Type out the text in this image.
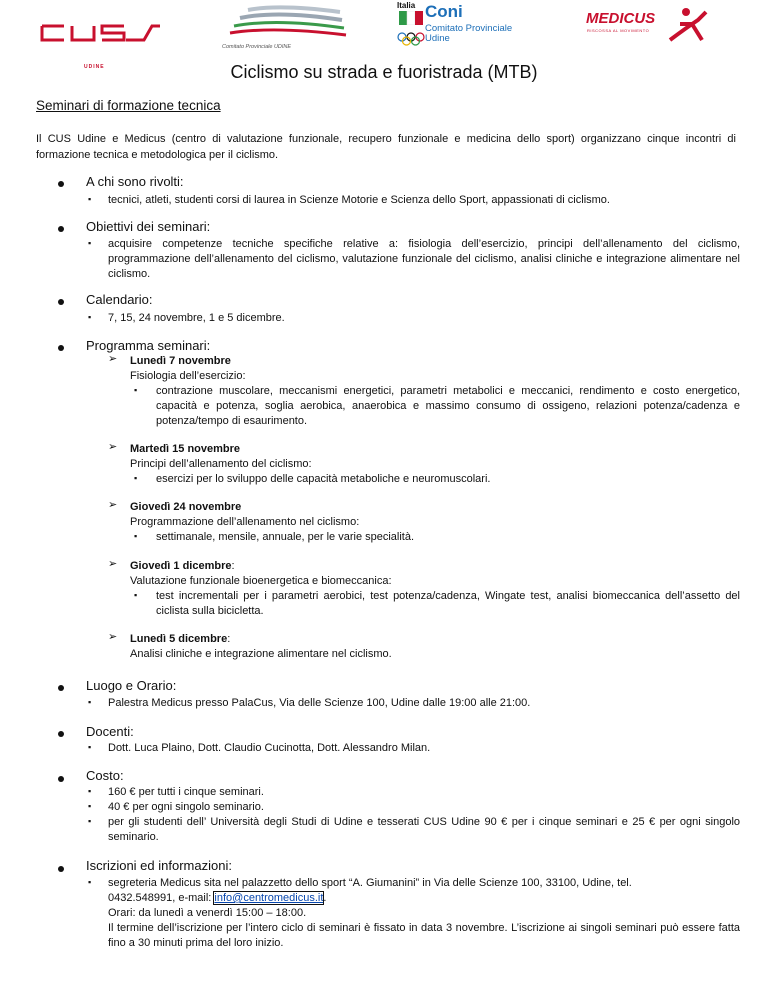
UDINE
Comitato Provinciale UDINE
Italia Coni
Comitato Provinciale
Udine
MEDICUS
RISCOSSA AL MOVIMENTO
Ciclismo su strada e fuoristrada (MTB)
Seminari di formazione tecnica
Il CUS Udine e Medicus (centro di valutazione funzionale, recupero funzionale e medicina dello sport) organizzano cinque incontri di formazione tecnica e metodologica per il ciclismo.
A chi sono rivolti:
▪ tecnici, atleti, studenti corsi di laurea in Scienze Motorie e Scienza dello Sport, appassionati di ciclismo.
Obiettivi dei seminari:
▪ acquisire competenze tecniche specifiche relative a: fisiologia dell’esercizio, principi dell’allenamento del ciclismo, programmazione dell’allenamento del ciclismo, valutazione funzionale del ciclismo, analisi cliniche e integrazione alimentare nel ciclismo.
Calendario:
▪ 7, 15, 24 novembre, 1 e 5 dicembre.
Programma seminari:
➢ Lunedì 7 novembre
Fisiologia dell’esercizio:
▪ contrazione muscolare, meccanismi energetici, parametri metabolici e meccanici, rendimento e costo energetico, capacità e potenza, soglia aerobica, anaerobica e massimo consumo di ossigeno, relazioni potenza/cadenza e potenza/tempo di esaurimento.
➢ Martedì 15 novembre
Principi dell’allenamento del ciclismo:
▪ esercizi per lo sviluppo delle capacità metaboliche e neuromuscolari.
➢ Giovedì 24 novembre
Programmazione dell’allenamento nel ciclismo:
▪ settimanale, mensile, annuale, per le varie specialità.
➢ Giovedì 1 dicembre:
Valutazione funzionale bioenergetica e biomeccanica:
▪ test incrementali per i parametri aerobici, test potenza/cadenza, Wingate test, analisi biomeccanica dell’assetto del ciclista sulla bicicletta.
➢ Lunedì 5 dicembre:
Analisi cliniche e integrazione alimentare nel ciclismo.
Luogo e Orario:
▪ Palestra Medicus presso PalaCus, Via delle Scienze 100, Udine dalle 19:00 alle 21:00.
Docenti:
▪ Dott. Luca Plaino, Dott. Claudio Cucinotta, Dott. Alessandro Milan.
Costo:
▪ 160 € per tutti i cinque seminari.
▪ 40 € per ogni singolo seminario.
▪ per gli studenti dell’ Università degli Studi di Udine e tesserati CUS Udine 90 € per i cinque seminari e 25 € per ogni singolo seminario.
Iscrizioni ed informazioni:
▪ segreteria Medicus sita nel palazzetto dello sport “A. Giumanini” in Via delle Scienze 100, 33100, Udine, tel.
0432.548991, e-mail: info@centromedicus.it.
Orari: da lunedì a venerdì 15:00 – 18:00.
Il termine dell’iscrizione per l’intero ciclo di seminari è fissato in data 3 novembre. L’iscrizione ai singoli seminari può essere fatta fino a 30 minuti prima del loro inizio.
